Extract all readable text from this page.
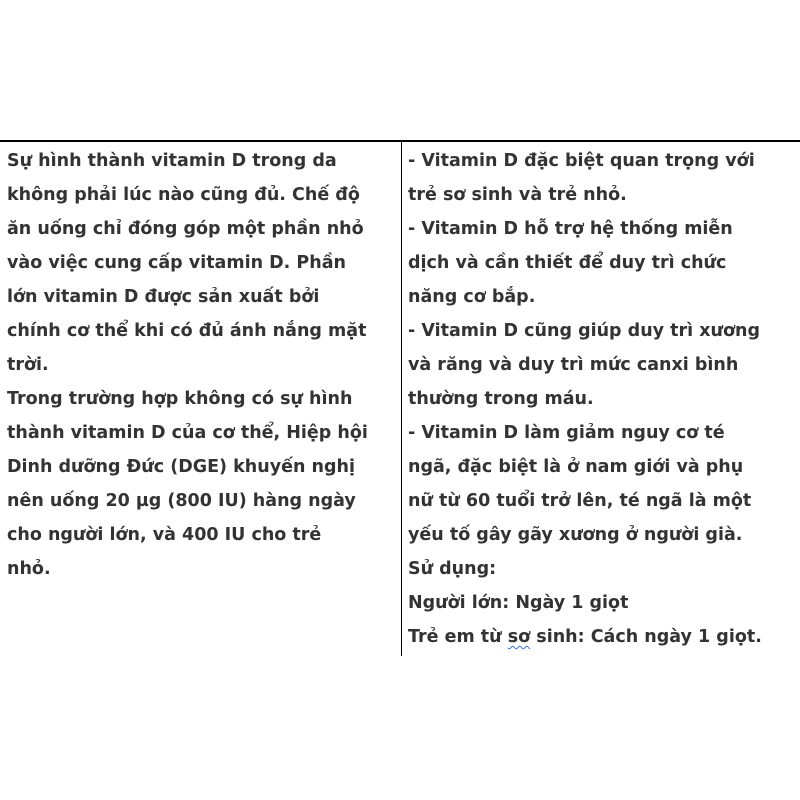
Sự hình thành vitamin D trong da
không phải lúc nào cũng đủ. Chế độ
ăn uống chỉ đóng góp một phần nhỏ
vào việc cung cấp vitamin D. Phần
lớn vitamin D được sản xuất bởi
chính cơ thể khi có đủ ánh nắng mặt
trời.
Trong trường hợp không có sự hình
thành vitamin D của cơ thể, Hiệp hội
Dinh dưỡng Đức (DGE) khuyến nghị
nên uống 20 µg (800 IU) hàng ngày
cho người lớn, và 400 IU cho trẻ
nhỏ.
- Vitamin D đặc biệt quan trọng với
trẻ sơ sinh và trẻ nhỏ.
- Vitamin D hỗ trợ hệ thống miễn
dịch và cần thiết để duy trì chức
năng cơ bắp.
- Vitamin D cũng giúp duy trì xương
và răng và duy trì mức canxi bình
thường trong máu.
- Vitamin D làm giảm nguy cơ té
ngã, đặc biệt là ở nam giới và phụ
nữ từ 60 tuổi trở lên, té ngã là một
yếu tố gây gãy xương ở người già.
Sử dụng:
Người lớn: Ngày 1 giọt
Trẻ em từ sơ sinh: Cách ngày 1 giọt.
